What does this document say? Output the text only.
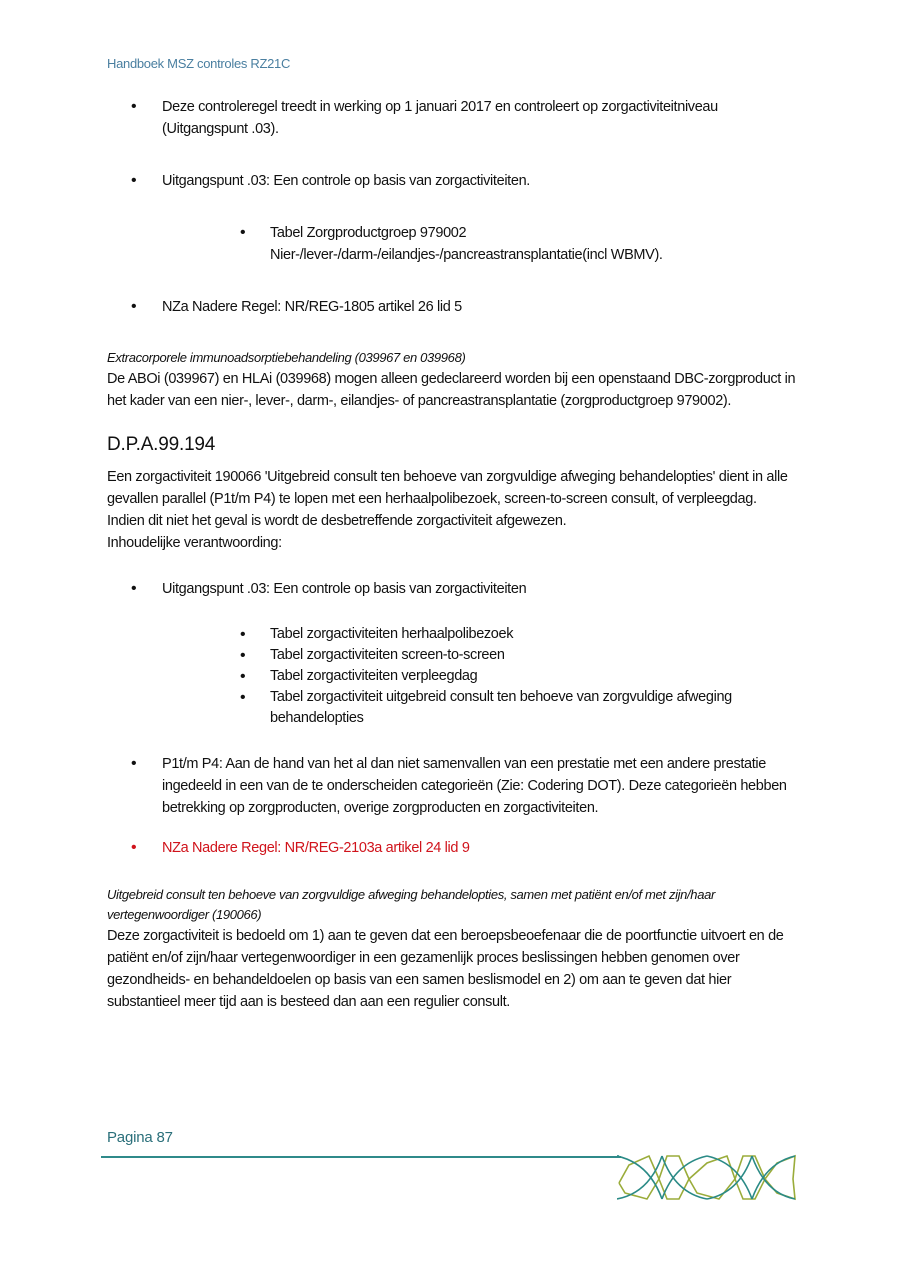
Handboek MSZ controles RZ21C
• Deze controleregel treedt in werking op 1 januari 2017 en controleert op zorgactiviteitniveau (Uitgangspunt .03).
• Uitgangspunt .03: Een controle op basis van zorgactiviteiten.
• Tabel Zorgproductgroep 979002 Nier-/lever-/darm-/eilandjes-/pancreastransplantatie(incl WBMV).
• NZa Nadere Regel: NR/REG-1805 artikel 26 lid 5
Extracorporele immunoadsorptiebehandeling (039967 en 039968)

De ABOi (039967) en HLAi (039968) mogen alleen gedeclareerd worden bij een openstaand DBC-zorgproduct in het kader van een nier-, lever-, darm-, eilandjes- of pancreastransplantatie (zorgproductgroep 979002).

D.P.A.99.194

Een zorgactiviteit 190066 'Uitgebreid consult ten behoeve van zorgvuldige afweging behandelopties' dient in alle gevallen parallel (P1t/m P4) te lopen met een herhaalpolibezoek, screen-to-screen consult, of verpleegdag. Indien dit niet het geval is wordt de desbetreffende zorgactiviteit afgewezen.

Inhoudelijke verantwoording:

• Uitgangspunt .03: Een controle op basis van zorgactiviteiten
• Tabel zorgactiviteiten herhaalpolibezoek
• Tabel zorgactiviteiten screen-to-screen
• Tabel zorgactiviteiten verpleegdag
• Tabel zorgactiviteit uitgebreid consult ten behoeve van zorgvuldige afweging behandelopties
• P1t/m P4: Aan de hand van het al dan niet samenvallen van een prestatie met een andere prestatie ingedeeld in een van de te onderscheiden categorieën (Zie: Codering DOT). Deze categorieën hebben betrekking op zorgproducten, overige zorgproducten en zorgactiviteiten.
• NZa Nadere Regel: NR/REG-2103a artikel 24 lid 9
Uitgebreid consult ten behoeve van zorgvuldige afweging behandelopties, samen met patiënt en/of met zijn/haar vertegenwoordiger (190066)

Deze zorgactiviteit is bedoeld om 1) aan te geven dat een beroepsbeoefenaar die de poortfunctie uitvoert en de patiënt en/of zijn/haar vertegenwoordiger in een gezamenlijk proces beslissingen hebben genomen over gezondheids- en behandeldoelen op basis van een samen beslismodel en 2) om aan te geven dat hier substantieel meer tijd aan is besteed dan aan een regulier consult.

Pagina 87
